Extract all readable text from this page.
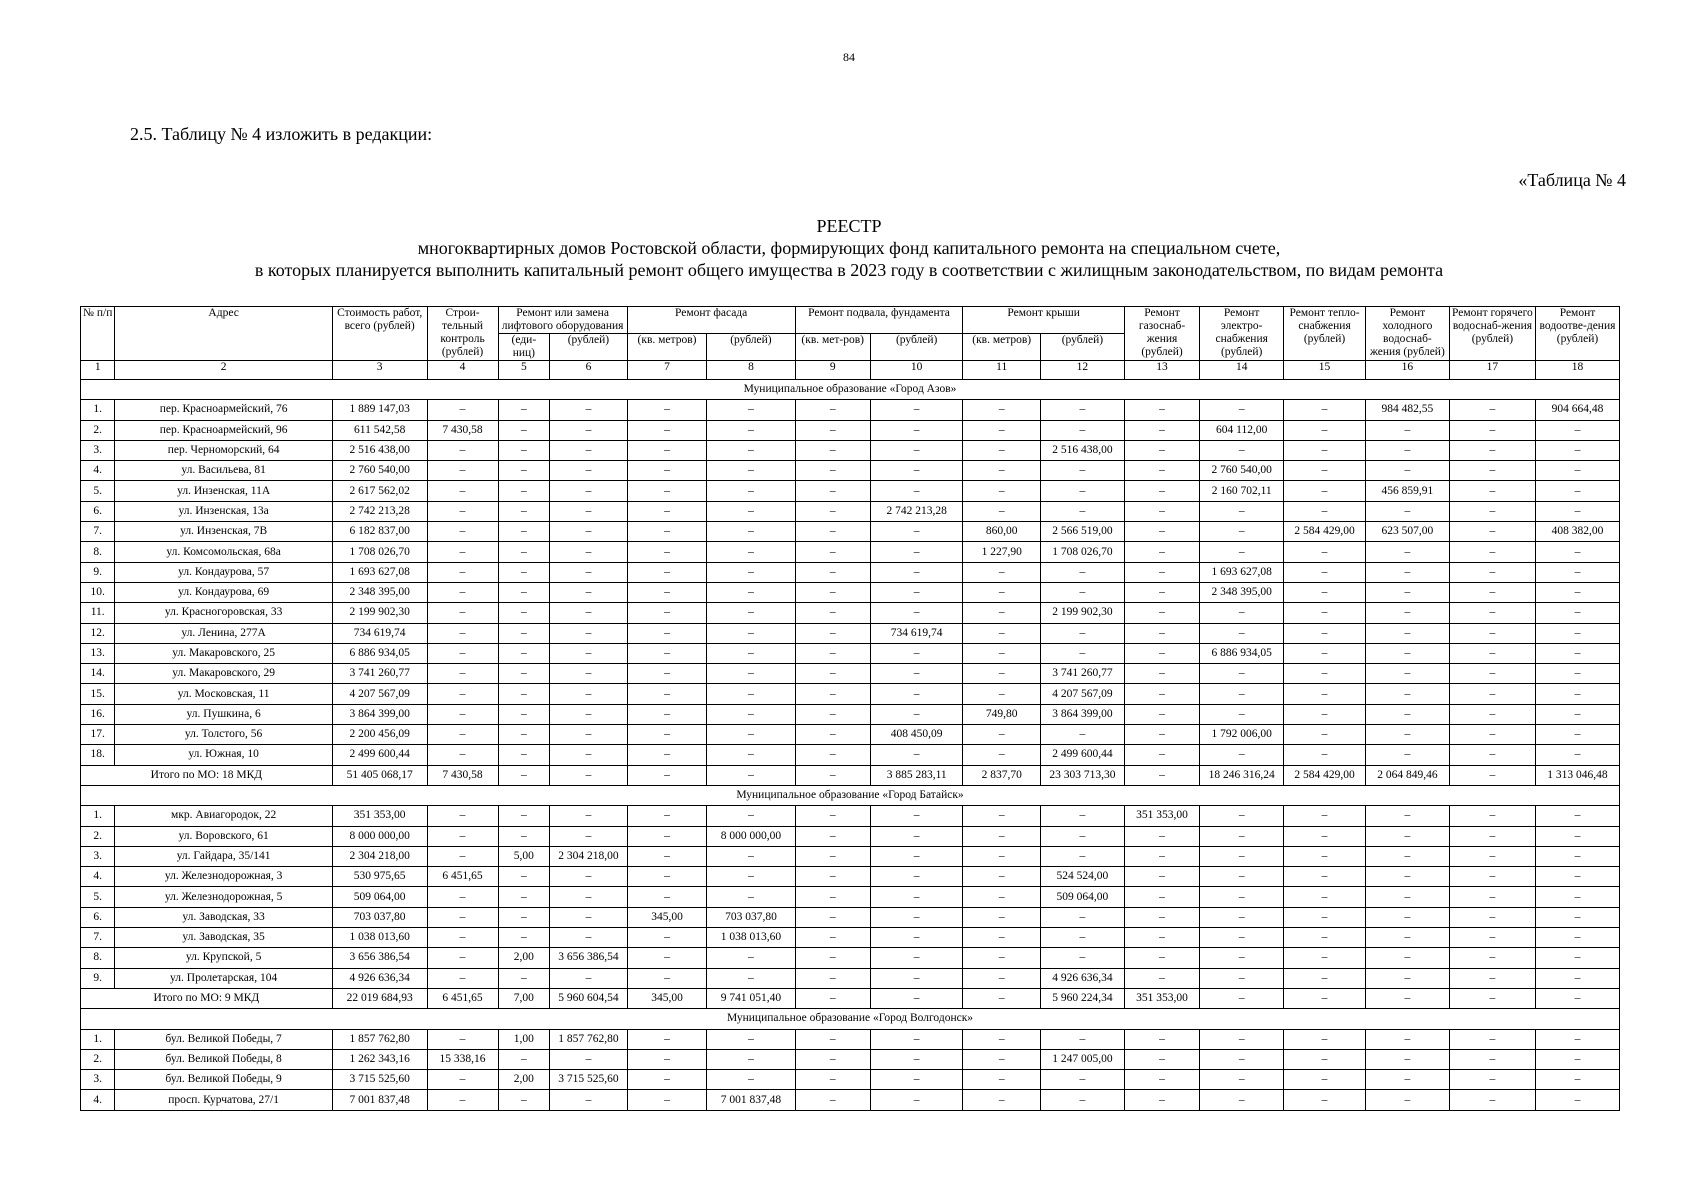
84
2.5. Таблицу № 4 изложить в редакции:
«Таблица № 4
РЕЕСТР
многоквартирных домов Ростовской области, формирующих фонд капитального ремонта на специальном счете,
в которых планируется выполнить капитальный ремонт общего имущества в 2023 году в соответствии с жилищным законодательством, по видам ремонта
№ п/п	Адрес	Стоимость работ, всего (рублей)	Строи-тельный контроль (рублей)	Ремонт или замена лифтового оборудования		Ремонт фасада		Ремонт подвала, фундамента		Ремонт крыши		Ремонт газоснаб-жения (рублей)	Ремонт электро-снабжения (рублей)	Ремонт тепло-снабжения (рублей)	Ремонт холодного водоснаб-жения (рублей)	Ремонт горячего водоснаб-жения (рублей)	Ремонт водоотве-дения (рублей)
				(еди-ниц)	(рублей)	(кв. метров)	(рублей)	(кв. мет-ров)	(рублей)	(кв. метров)	(рублей)						
1	2	3	4	5	6	7	8	9	10	11	12	13	14	15	16	17	18
Муниципальное образование «Город Азов»																	
1.	пер. Красноармейский, 76	1 889 147,03	–	–	–	–	–	–	–	–	–	–	–	–	984 482,55	–	904 664,48
2.	пер. Красноармейский, 96	611 542,58	7 430,58	–	–	–	–	–	–	–	–	–	604 112,00	–	–	–	–
3.	пер. Черноморский, 64	2 516 438,00	–	–	–	–	–	–	–	–	2 516 438,00	–	–	–	–	–	–
4.	ул. Васильева, 81	2 760 540,00	–	–	–	–	–	–	–	–	–	–	2 760 540,00	–	–	–	–
5.	ул. Инзенская, 11А	2 617 562,02	–	–	–	–	–	–	–	–	–	–	2 160 702,11	–	456 859,91	–	–
6.	ул. Инзенская, 13а	2 742 213,28	–	–	–	–	–	–	2 742 213,28	–	–	–	–	–	–	–	–
7.	ул. Инзенская, 7В	6 182 837,00	–	–	–	–	–	–	–	860,00	2 566 519,00	–	–	2 584 429,00	623 507,00	–	408 382,00
8.	ул. Комсомольская, 68а	1 708 026,70	–	–	–	–	–	–	–	1 227,90	1 708 026,70	–	–	–	–	–	–
9.	ул. Кондаурова, 57	1 693 627,08	–	–	–	–	–	–	–	–	–	–	1 693 627,08	–	–	–	–
10.	ул. Кондаурова, 69	2 348 395,00	–	–	–	–	–	–	–	–	–	–	2 348 395,00	–	–	–	–
11.	ул. Красногоровская, 33	2 199 902,30	–	–	–	–	–	–	–	–	2 199 902,30	–	–	–	–	–	–
12.	ул. Ленина, 277А	734 619,74	–	–	–	–	–	–	734 619,74	–	–	–	–	–	–	–	–
13.	ул. Макаровского, 25	6 886 934,05	–	–	–	–	–	–	–	–	–	–	6 886 934,05	–	–	–	–
14.	ул. Макаровского, 29	3 741 260,77	–	–	–	–	–	–	–	–	3 741 260,77	–	–	–	–	–	–
15.	ул. Московская, 11	4 207 567,09	–	–	–	–	–	–	–	–	4 207 567,09	–	–	–	–	–	–
16.	ул. Пушкина, 6	3 864 399,00	–	–	–	–	–	–	–	749,80	3 864 399,00	–	–	–	–	–	–
17.	ул. Толстого, 56	2 200 456,09	–	–	–	–	–	–	408 450,09	–	–	–	1 792 006,00	–	–	–	–
18.	ул. Южная, 10	2 499 600,44	–	–	–	–	–	–	–	–	2 499 600,44	–	–	–	–	–	–
Итого по МО: 18 МКД		51 405 068,17	7 430,58	–	–	–	–	–	3 885 283,11	2 837,70	23 303 713,30	–	18 246 316,24	2 584 429,00	2 064 849,46	–	1 313 046,48
Муниципальное образование «Город Батайск»																	
1.	мкр. Авиагородок, 22	351 353,00	–	–	–	–	–	–	–	–	–	351 353,00	–	–	–	–	–
2.	ул. Воровского, 61	8 000 000,00	–	–	–	–	8 000 000,00	–	–	–	–	–	–	–	–	–	–
3.	ул. Гайдара, 35/141	2 304 218,00	–	5,00	2 304 218,00	–	–	–	–	–	–	–	–	–	–	–	–
4.	ул. Железнодорожная, 3	530 975,65	6 451,65	–	–	–	–	–	–	–	524 524,00	–	–	–	–	–	–
5.	ул. Железнодорожная, 5	509 064,00	–	–	–	–	–	–	–	–	509 064,00	–	–	–	–	–	–
6.	ул. Заводская, 33	703 037,80	–	–	–	345,00	703 037,80	–	–	–	–	–	–	–	–	–	–
7.	ул. Заводская, 35	1 038 013,60	–	–	–	–	1 038 013,60	–	–	–	–	–	–	–	–	–	–
8.	ул. Крупской, 5	3 656 386,54	–	2,00	3 656 386,54	–	–	–	–	–	–	–	–	–	–	–	–
9.	ул. Пролетарская, 104	4 926 636,34	–	–	–	–	–	–	–	–	4 926 636,34	–	–	–	–	–	–
Итого по МО: 9 МКД		22 019 684,93	6 451,65	7,00	5 960 604,54	345,00	9 741 051,40	–	–	–	5 960 224,34	351 353,00	–	–	–	–	–
Муниципальное образование «Город Волгодонск»																	
1.	бул. Великой Победы, 7	1 857 762,80	–	1,00	1 857 762,80	–	–	–	–	–	–	–	–	–	–	–	–
2.	бул. Великой Победы, 8	1 262 343,16	15 338,16	–	–	–	–	–	–	–	1 247 005,00	–	–	–	–	–	–
3.	бул. Великой Победы, 9	3 715 525,60	–	2,00	3 715 525,60	–	–	–	–	–	–	–	–	–	–	–	–
4.	просп. Курчатова, 27/1	7 001 837,48	–	–	–	–	7 001 837,48	–	–	–	–	–	–	–	–	–	–
